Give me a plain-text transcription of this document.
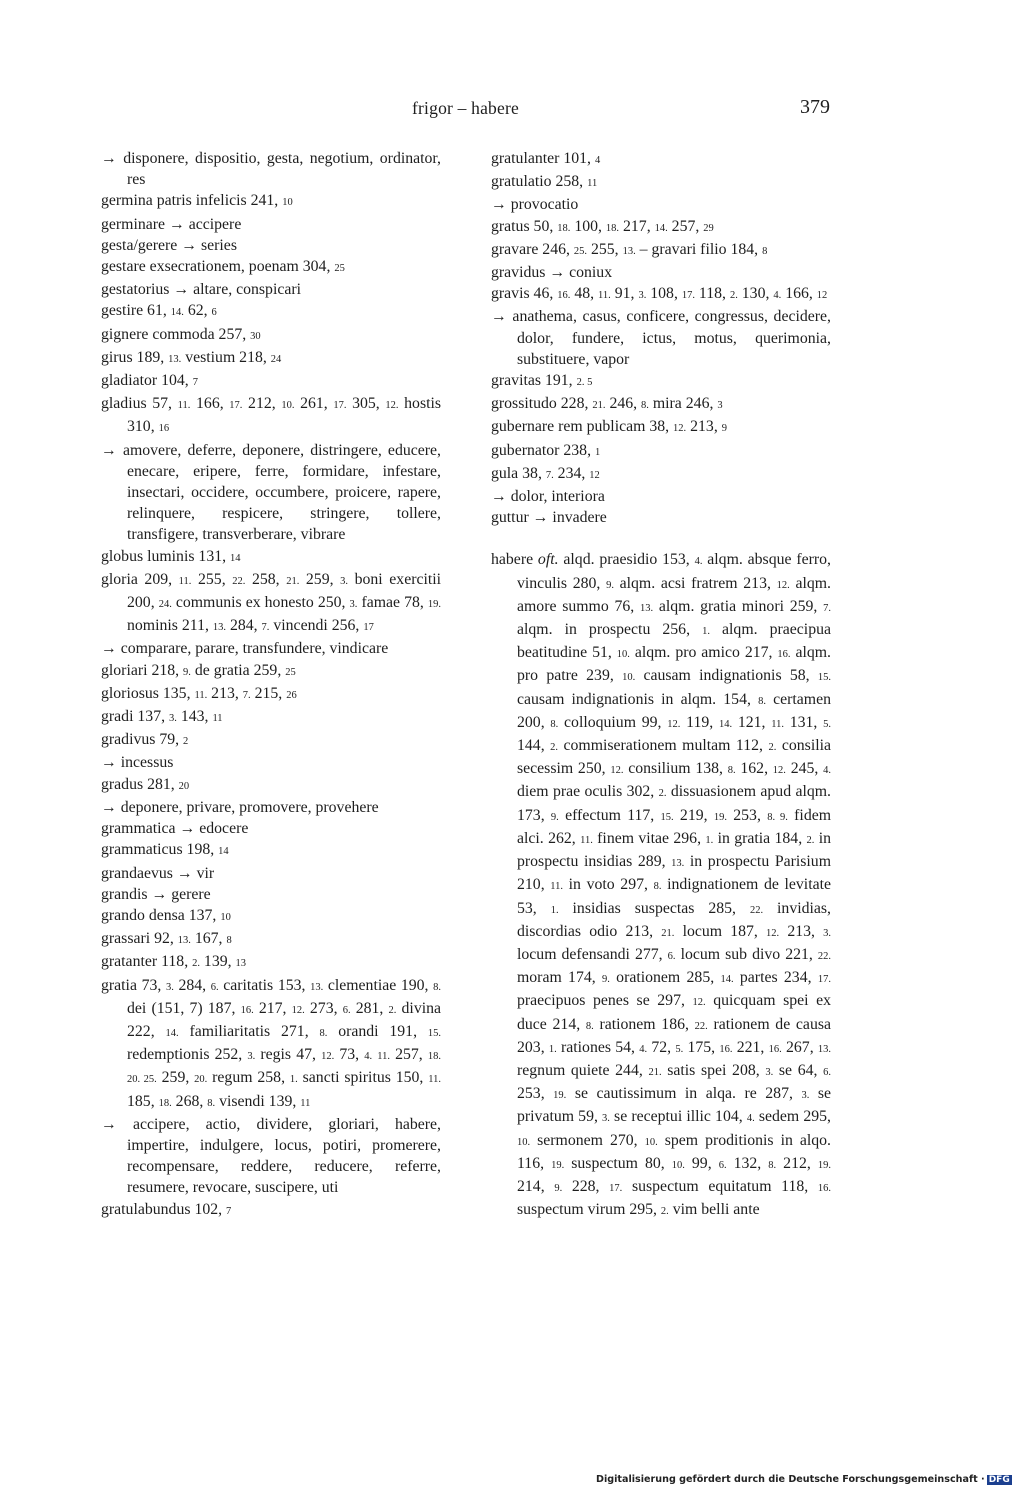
frigor – habere	379
→ disponere, dispositio, gesta, negotium, ordinator, res
germina patris infelicis 241, 10
germinare → accipere
gesta/gerere → series
gestare exsecrationem, poenam 304, 25
gestatorius → altare, conspicari
gestire 61, 14. 62, 6
gignere commoda 257, 30
girus 189, 13. vestium 218, 24
gladiator 104, 7
gladius 57, 11. 166, 17. 212, 10. 261, 17. 305, 12. hostis 310, 16
→ amovere, deferre, deponere, distringere, educere, enecare, eripere, ferre, formidare, infestare, insectari, occidere, occumbere, proicere, rapere, relinquere, respicere, stringere, tollere, transfigere, transverberare, vibrare
globus luminis 131, 14
gloria 209, 11. 255, 22. 258, 21. 259, 3. boni exercitii 200, 24. communis ex honesto 250, 3. famae 78, 19. nominis 211, 13. 284, 7. vincendi 256, 17
→ comparare, parare, transfundere, vindicare
gloriari 218, 9. de gratia 259, 25
gloriosus 135, 11. 213, 7. 215, 26
gradi 137, 3. 143, 11
gradivus 79, 2
→ incessus
gradus 281, 20
→ deponere, privare, promovere, provehere
grammatica → edocere
grammaticus 198, 14
grandaevus → vir
grandis → gerere
grando densa 137, 10
grassari 92, 13. 167, 8
gratanter 118, 2. 139, 13
gratia 73, 3. 284, 6. caritatis 153, 13. clementiae 190, 8. dei (151, 7) 187, 16. 217, 12. 273, 6. 281, 2. divina 222, 14. familiaritatis 271, 8. orandi 191, 15. redemptionis 252, 3. regis 47, 12. 73, 4. 11. 257, 18. 20. 25. 259, 20. regum 258, 1. sancti spiritus 150, 11. 185, 18. 268, 8. visendi 139, 11
→ accipere, actio, dividere, gloriari, habere, impertire, indulgere, locus, potiri, promerere, recompensare, reddere, reducere, referre, resumere, revocare, suscipere, uti
gratulabundus 102, 7
gratulanter 101, 4
gratulatio 258, 11
→ provocatio
gratus 50, 18. 100, 18. 217, 14. 257, 29
gravare 246, 25. 255, 13. – gravari filio 184, 8
gravidus → coniux
gravis 46, 16. 48, 11. 91, 3. 108, 17. 118, 2. 130, 4. 166, 12
→ anathema, casus, conficere, congressus, decidere, dolor, fundere, ictus, motus, querimonia, substituere, vapor
gravitas 191, 2. 5
grossitudo 228, 21. 246, 8. mira 246, 3
gubernare rem publicam 38, 12. 213, 9
gubernator 238, 1
gula 38, 7. 234, 12
→ dolor, interiora
guttur → invadere
habere oft. alqd. praesidio 153, 4. alqm. absque ferro, vinculis 280, 9. alqm. acsi fratrem 213, 12. alqm. amore summo 76, 13. alqm. gratia minori 259, 7. alqm. in prospectu 256, 1. alqm. praecipua beatitudine 51, 10. alqm. pro amico 217, 16. alqm. pro patre 239, 10. causam indignationis 58, 15. causam indignationis in alqm. 154, 8. certamen 200, 8. colloquium 99, 12. 119, 14. 121, 11. 131, 5. 144, 2. commiserationem multam 112, 2. consilia secessim 250, 12. consilium 138, 8. 162, 12. 245, 4. diem prae oculis 302, 2. dissuasionem apud alqm. 173, 9. effectum 117, 15. 219, 19. 253, 8. 9. fidem alci. 262, 11. finem vitae 296, 1. in gratia 184, 2. in prospectu insidias 289, 13. in prospectu Parisium 210, 11. in voto 297, 8. indignationem de levitate 53, 1. insidias suspectas 285, 22. invidias, discordias odio 213, 21. locum 187, 12. 213, 3. locum defensandi 277, 6. locum sub divo 221, 22. moram 174, 9. orationem 285, 14. partes 234, 17. praecipuos penes se 297, 12. quicquam spei ex duce 214, 8. rationem 186, 22. rationem de causa 203, 1. rationes 54, 4. 72, 5. 175, 16. 221, 16. 267, 13. regnum quiete 244, 21. satis spei 208, 3. se 64, 6. 253, 19. se cautissimum in alqa. re 287, 3. se privatum 59, 3. se receptui illic 104, 4. sedem 295, 10. sermonem 270, 10. spem proditionis in alqo. 116, 19. suspectum 80, 10. 99, 6. 132, 8. 212, 19. 214, 9. 228, 17. suspectum equitatum 118, 16. suspectum virum 295, 2. vim belli ante
Digitalisierung gefördert durch die Deutsche Forschungsgemeinschaft · DFG
